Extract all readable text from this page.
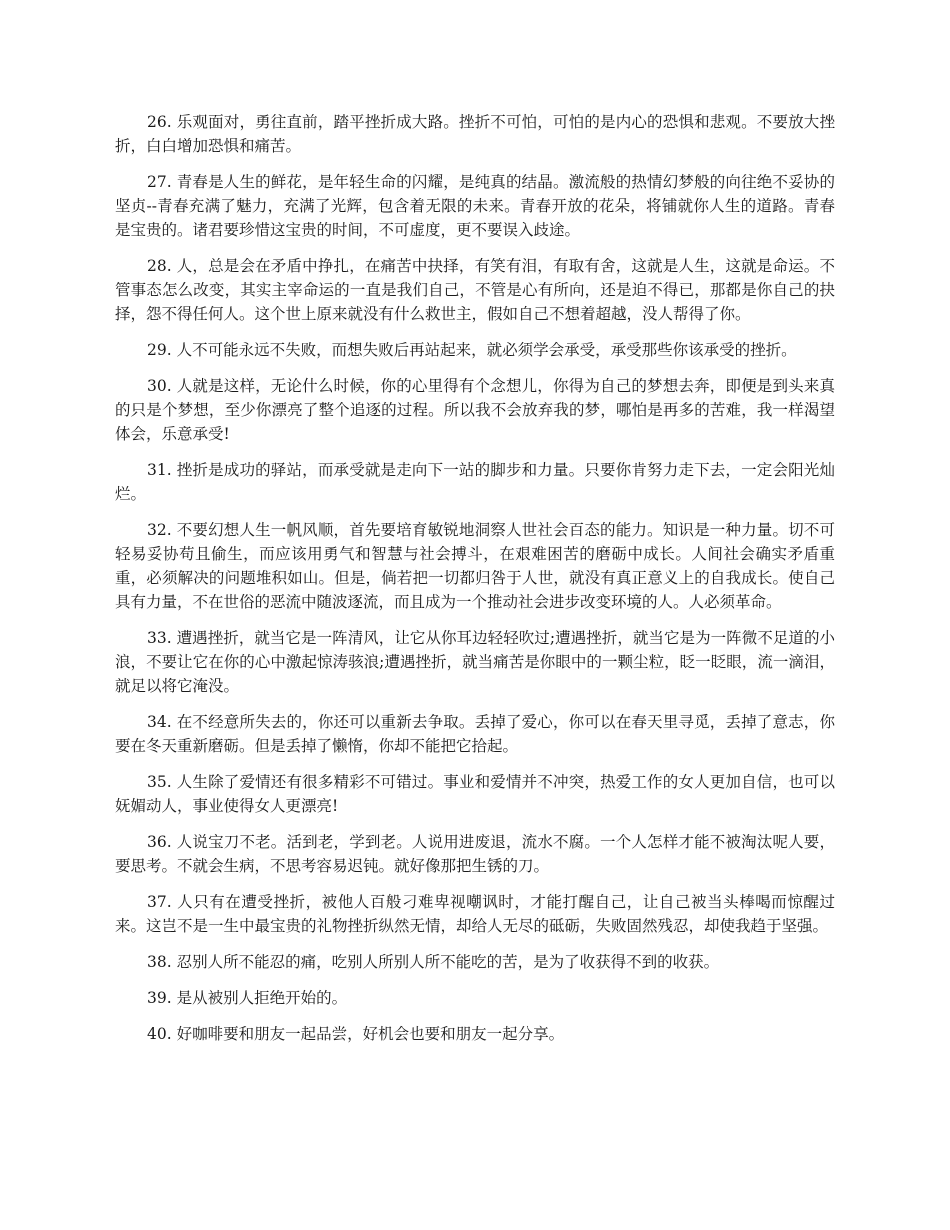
26. 乐观面对，勇往直前，踏平挫折成大路。挫折不可怕，可怕的是内心的恐惧和悲观。不要放大挫折，白白增加恐惧和痛苦。

27. 青春是人生的鲜花，是年轻生命的闪耀，是纯真的结晶。激流般的热情幻梦般的向往绝不妥协的坚贞--青春充满了魅力，充满了光辉，包含着无限的未来。青春开放的花朵，将铺就你人生的道路。青春是宝贵的。诸君要珍惜这宝贵的时间，不可虚度，更不要误入歧途。

28. 人，总是会在矛盾中挣扎，在痛苦中抉择，有笑有泪，有取有舍，这就是人生，这就是命运。不管事态怎么改变，其实主宰命运的一直是我们自己，不管是心有所向，还是迫不得已，那都是你自己的抉择，怨不得任何人。这个世上原来就没有什么救世主，假如自己不想着超越，没人帮得了你。

29. 人不可能永远不失败，而想失败后再站起来，就必须学会承受，承受那些你该承受的挫折。

30. 人就是这样，无论什么时候，你的心里得有个念想儿，你得为自己的梦想去奔，即便是到头来真的只是个梦想，至少你漂亮了整个追逐的过程。所以我不会放弃我的梦，哪怕是再多的苦难，我一样渴望体会，乐意承受!

31. 挫折是成功的驿站，而承受就是走向下一站的脚步和力量。只要你肯努力走下去，一定会阳光灿烂。

32. 不要幻想人生一帆风顺，首先要培育敏锐地洞察人世社会百态的能力。知识是一种力量。切不可轻易妥协苟且偷生，而应该用勇气和智慧与社会搏斗，在艰难困苦的磨砺中成长。人间社会确实矛盾重重，必须解决的问题堆积如山。但是，倘若把一切都归咎于人世，就没有真正意义上的自我成长。使自己具有力量，不在世俗的恶流中随波逐流，而且成为一个推动社会进步改变环境的人。人必须革命。

33. 遭遇挫折，就当它是一阵清风，让它从你耳边轻轻吹过;遭遇挫折，就当它是为一阵微不足道的小浪，不要让它在你的心中激起惊涛骇浪;遭遇挫折，就当痛苦是你眼中的一颗尘粒，眨一眨眼，流一滴泪，就足以将它淹没。

34. 在不经意所失去的，你还可以重新去争取。丢掉了爱心，你可以在春天里寻觅，丢掉了意志，你要在冬天重新磨砺。但是丢掉了懒惰，你却不能把它拾起。

35. 人生除了爱情还有很多精彩不可错过。事业和爱情并不冲突，热爱工作的女人更加自信，也可以妩媚动人，事业使得女人更漂亮!

36. 人说宝刀不老。活到老，学到老。人说用进废退，流水不腐。一个人怎样才能不被淘汰呢人要，要思考。不就会生病，不思考容易迟钝。就好像那把生锈的刀。

37. 人只有在遭受挫折，被他人百般刁难卑视嘲讽时，才能打醒自己，让自己被当头棒喝而惊醒过来。这岂不是一生中最宝贵的礼物挫折纵然无情，却给人无尽的砥砺，失败固然残忍，却使我趋于坚强。

38. 忍别人所不能忍的痛，吃别人所别人所不能吃的苦，是为了收获得不到的收获。

39. 是从被别人拒绝开始的。

40. 好咖啡要和朋友一起品尝，好机会也要和朋友一起分享。
